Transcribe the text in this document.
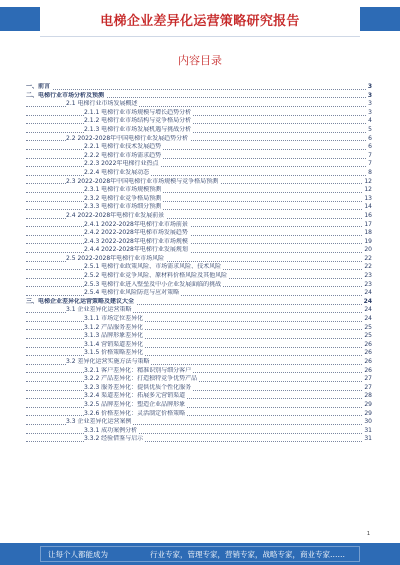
电梯企业差异化运营策略研究报告
内容目录
一、前言	3
二、电梯行业市场分析及预测	3
2.1 电梯行业市场发展概述	3
2.1.1 电梯行业市场规模与增长趋势分析	3
2.1.2 电梯行业市场结构与竞争格局分析	4
2.1.3 电梯行业市场发展机遇与挑战分析	5
2.2 2022-2028年中国电梯行业发展趋势分析	6
2.2.1 电梯行业技术发展趋势	6
2.2.2 电梯行业市场需求趋势	7
2.2.3 2022年电梯行业热点	7
2.2.4 电梯行业发展动态	8
2.3 2022-2028年中国电梯行业市场规模与竞争格局预测	12
2.3.1 电梯行业市场规模预测	12
2.3.2 电梯行业竞争格局预测	13
2.3.3 电梯行业市场细分预测	14
2.4 2022-2028年电梯行业发展前景	16
2.4.1 2022-2028年电梯行业市场前景	17
2.4.2 2022-2028年电梯市场发展趋势	18
2.4.3 2022-2028年电梯行业市场规模	19
2.4.4 2022-2028年电梯行业发展规划	20
2.5 2022-2028年电梯行业市场风险	22
2.5.1 电梯行业政策风险、市场需求风险、技术风险	22
2.5.2 电梯行业竞争风险、原材料价格风险及其他风险	23
2.5.3 电梯行业进入壁垒及中小企业发展面临的挑战	23
2.5.4 电梯行业风险防范与应对策略	24
三、电梯企业差异化运营策略及建议大全	24
3.1 企业差异化运营策略	24
3.1.1 市场定位差异化	24
3.1.2 产品服务差异化	25
3.1.3 品牌形象差异化	25
3.1.4 营销渠道差异化	26
3.1.5 价格策略差异化	26
3.2 差异化运营实施方法与策略	26
3.2.1 客户差异化：精准识别与细分客户	26
3.2.2 产品差异化：打造独特竞争优势产品	27
3.2.3 服务差异化：提供优质个性化服务	27
3.2.4 渠道差异化：拓展多元营销渠道	28
3.2.5 品牌差异化：塑造企业品牌形象	29
3.2.6 价格差异化：灵活制定价格策略	29
3.3 企业差异化运营案例	30
3.3.1 成功案例分析	31
3.3.2 经验借鉴与启示	31
1
让每个人都能成为	行业专家，管理专家，营销专家，战略专家，商业专家……
